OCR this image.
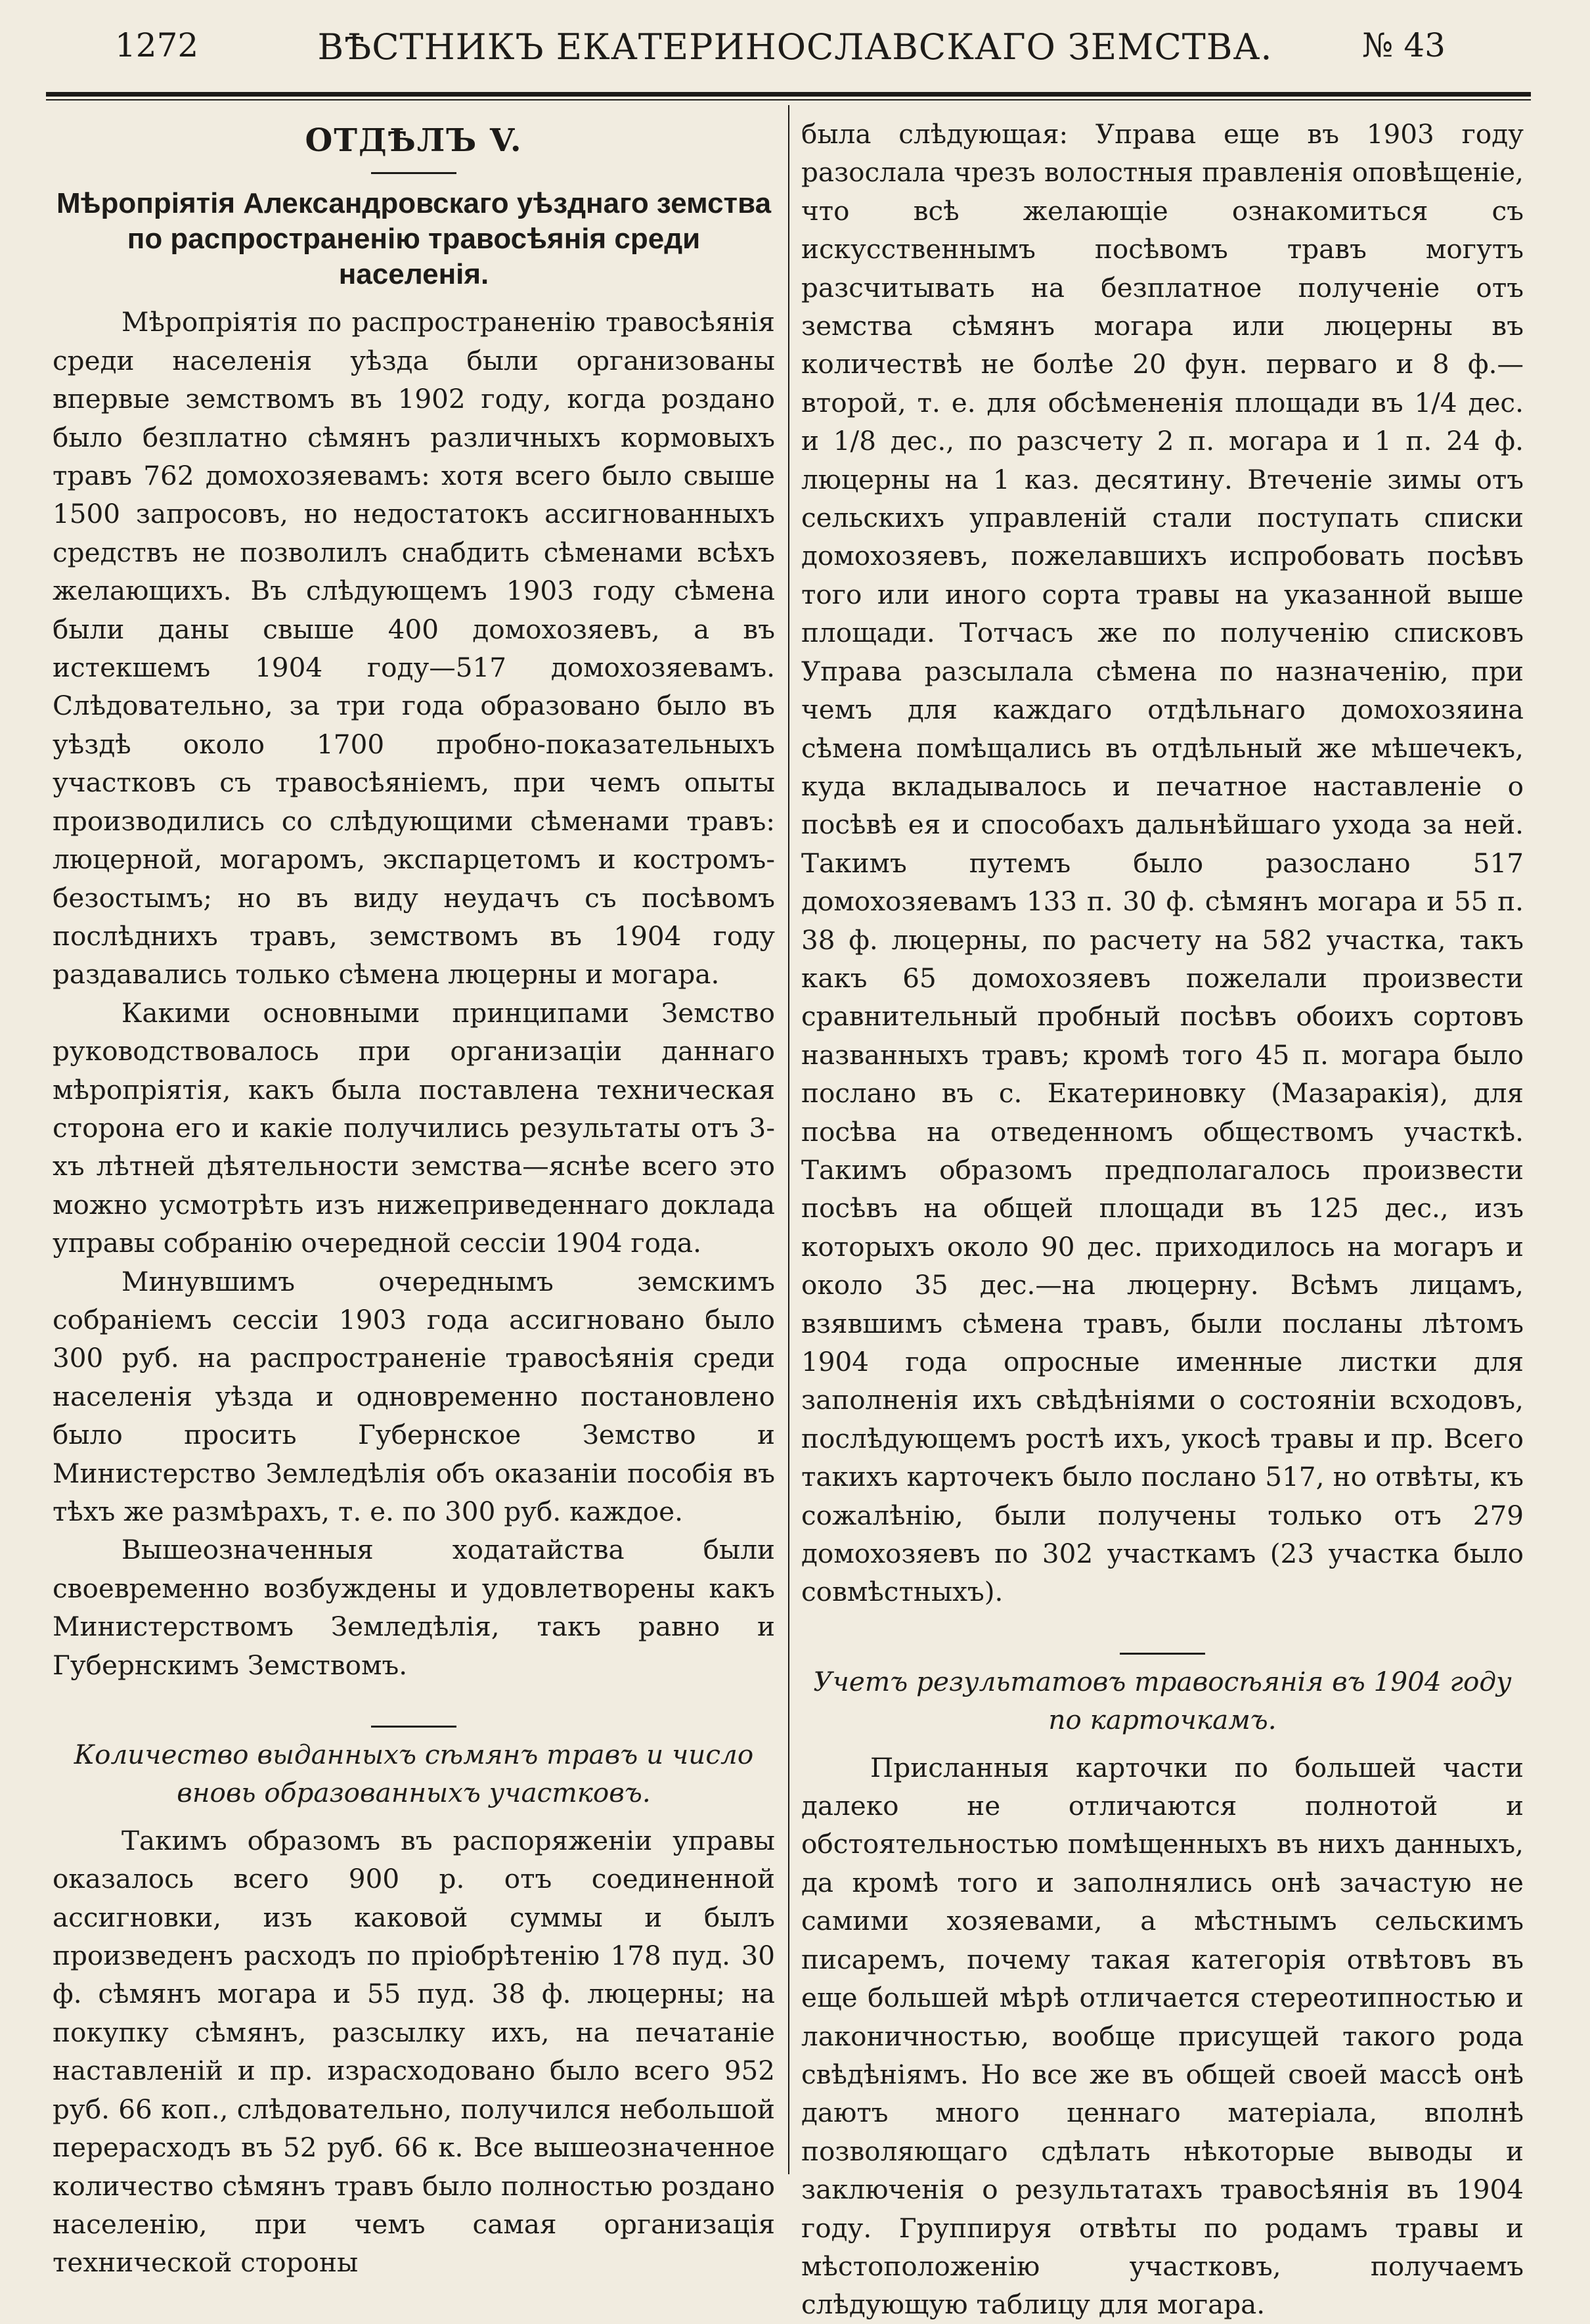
1272	ВѢСТНИКЪ ЕКАТЕРИНОСЛАВСКАГО ЗЕМСТВА.	№ 43
ОТДѢЛЪ V.
Мѣропріятія Александровскаго уѣзднаго земства по распространенію травосѣянія среди населенія.

Мѣропріятія по распространенію травосѣянія среди населенія уѣзда были организованы впервые земствомъ въ 1902 году, когда роздано было безплатно сѣмянъ различныхъ кормовыхъ травъ 762 домохозяевамъ: хотя всего было свыше 1500 запросовъ, но недостатокъ ассигнованныхъ средствъ не позволилъ снабдить сѣменами всѣхъ желающихъ. Въ слѣдующемъ 1903 году сѣмена были даны свыше 400 домохозяевъ, а въ истекшемъ 1904 году—517 домохозяевамъ. Слѣдовательно, за три года образовано было въ уѣздѣ около 1700 пробно-показательныхъ участковъ съ травосѣяніемъ, при чемъ опыты производились со слѣдующими сѣменами травъ: люцерной, могаромъ, экспарцетомъ и костромъ-безостымъ; но въ виду неудачъ съ посѣвомъ послѣднихъ травъ, земствомъ въ 1904 году раздавались только сѣмена люцерны и могара.

Какими основными принципами Земство руководствовалось при организаціи даннаго мѣропріятія, какъ была поставлена техническая сторона его и какіе получились результаты отъ 3-хъ лѣтней дѣятельности земства—яснѣе всего это можно усмотрѣть изъ нижеприведеннаго доклада управы собранію очередной сессіи 1904 года.

Минувшимъ очереднымъ земскимъ собраніемъ сессіи 1903 года ассигновано было 300 руб. на распространеніе травосѣянія среди населенія уѣзда и одновременно постановлено было просить Губернское Земство и Министерство Земледѣлія объ оказаніи пособія въ тѣхъ же размѣрахъ, т. е. по 300 руб. каждое.

Вышеозначенныя ходатайства были своевременно возбуждены и удовлетворены какъ Министерствомъ Земледѣлія, такъ равно и Губернскимъ Земствомъ.

Количество выданныхъ сѣмянъ травъ и число вновь образованныхъ участковъ.

Такимъ образомъ въ распоряженіи управы оказалось всего 900 р. отъ соединенной ассигновки, изъ каковой суммы и былъ произведенъ расходъ по пріобрѣтенію 178 пуд. 30 ф. сѣмянъ могара и 55 пуд. 38 ф. люцерны; на покупку сѣмянъ, разсылку ихъ, на печатаніе наставленій и пр. израсходовано было всего 952 руб. 66 коп., слѣдовательно, получился небольшой перерасходъ въ 52 руб. 66 к. Все вышеозначенное количество сѣмянъ травъ было полностью роздано населенію, при чемъ самая организація технической стороны

была слѣдующая: Управа еще въ 1903 году разослала чрезъ волостныя правленія оповѣщеніе, что всѣ желающіе ознакомиться съ искусственнымъ посѣвомъ травъ могутъ разсчитывать на безплатное полученіе отъ земства сѣмянъ могара или люцерны въ количествѣ не болѣе 20 фун. перваго и 8 ф.—второй, т. е. для обсѣмененія площади въ 1/4 дес. и 1/8 дес., по разсчету 2 п. могара и 1 п. 24 ф. люцерны на 1 каз. десятину. Втеченіе зимы отъ сельскихъ управленій стали поступать списки домохозяевъ, пожелавшихъ испробовать посѣвъ того или иного сорта травы на указанной выше площади. Тотчасъ же по полученію списковъ Управа разсылала сѣмена по назначенію, при чемъ для каждаго отдѣльнаго домохозяина сѣмена помѣщались въ отдѣльный же мѣшечекъ, куда вкладывалось и печатное наставленіе о посѣвѣ ея и способахъ дальнѣйшаго ухода за ней. Такимъ путемъ было разослано 517 домохозяевамъ 133 п. 30 ф. сѣмянъ могара и 55 п. 38 ф. люцерны, по расчету на 582 участка, такъ какъ 65 домохозяевъ пожелали произвести сравнительный пробный посѣвъ обоихъ сортовъ названныхъ травъ; кромѣ того 45 п. могара было послано въ с. Екатериновку (Мазаракія), для посѣва на отведенномъ обществомъ участкѣ. Такимъ образомъ предполагалось произвести посѣвъ на общей площади въ 125 дес., изъ которыхъ около 90 дес. приходилось на могаръ и около 35 дес.—на люцерну. Всѣмъ лицамъ, взявшимъ сѣмена травъ, были посланы лѣтомъ 1904 года опросные именные листки для заполненія ихъ свѣдѣніями о состояніи всходовъ, послѣдующемъ ростѣ ихъ, укосѣ травы и пр. Всего такихъ карточекъ было послано 517, но отвѣты, къ сожалѣнію, были получены только отъ 279 домохозяевъ по 302 участкамъ (23 участка было совмѣстныхъ).

Учетъ результатовъ травосѣянія въ 1904 году по карточкамъ.

Присланныя карточки по большей части далеко не отличаются полнотой и обстоятельностью помѣщенныхъ въ нихъ данныхъ, да кромѣ того и заполнялись онѣ зачастую не самими хозяевами, а мѣстнымъ сельскимъ писаремъ, почему такая категорія отвѣтовъ въ еще большей мѣрѣ отличается стереотипностью и лаконичностью, вообще присущей такого рода свѣдѣніямъ. Но все же въ общей своей массѣ онѣ даютъ много ценнаго матеріала, вполнѣ позволяющаго сдѣлать нѣкоторые выводы и заключенія о результатахъ травосѣянія въ 1904 году. Группируя отвѣты по родамъ травы и мѣстоположенію участковъ, получаемъ слѣдующую таблицу для могара.
